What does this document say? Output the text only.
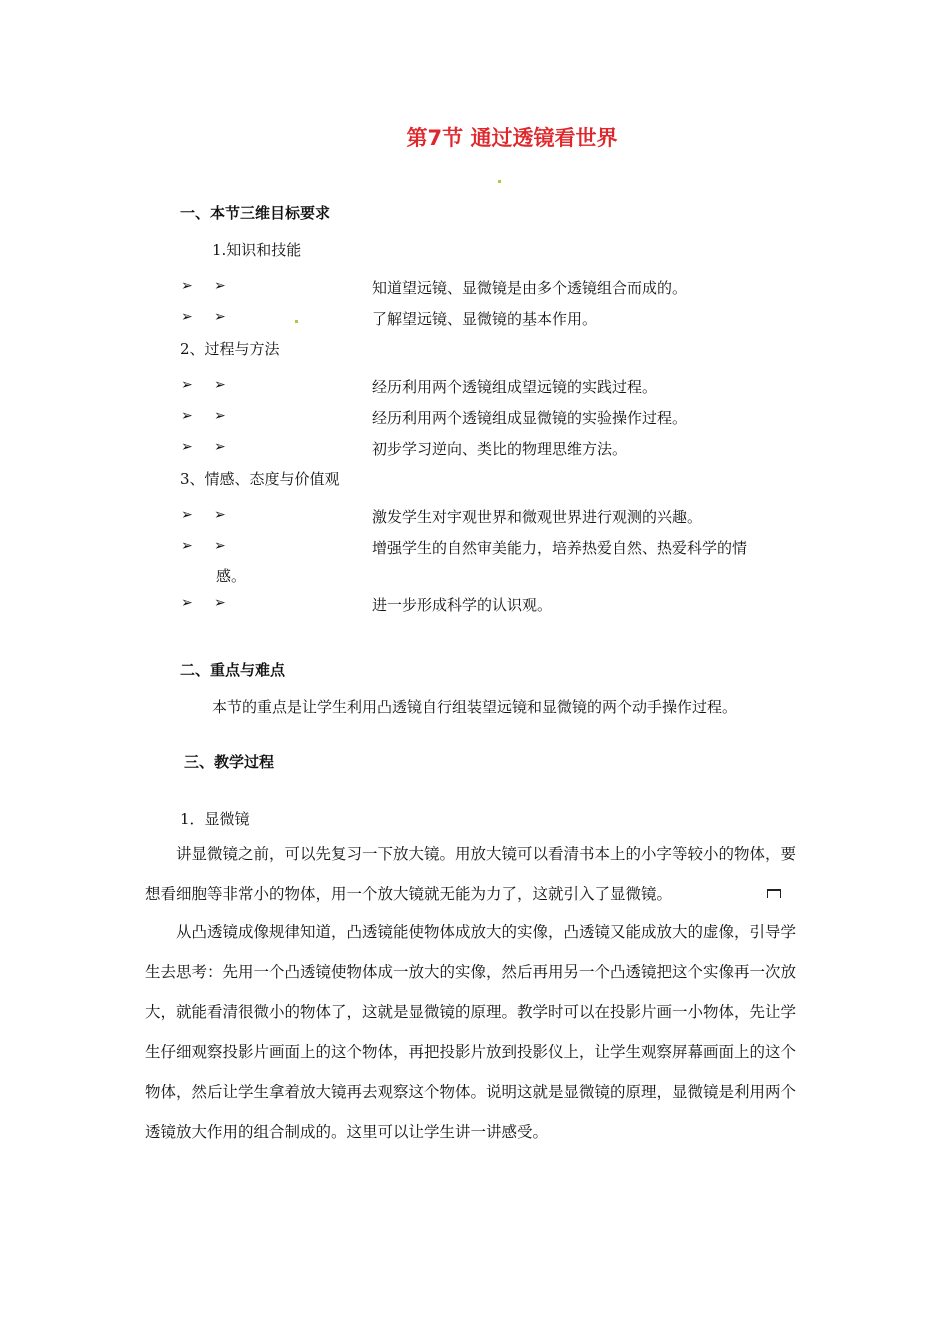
第7节 通过透镜看世界
一、本节三维目标要求
1.知识和技能
➢ ➢	知道望远镜、显微镜是由多个透镜组合而成的。
➢ ➢	了解望远镜、显微镜的基本作用。
2、过程与方法
➢ ➢	经历利用两个透镜组成望远镜的实践过程。
➢ ➢	经历利用两个透镜组成显微镜的实验操作过程。
➢ ➢	初步学习逆向、类比的物理思维方法。
3、情感、态度与价值观
➢ ➢	激发学生对宇观世界和微观世界进行观测的兴趣。
➢ ➢	增强学生的自然审美能力，培养热爱自然、热爱科学的情
感。
➢ ➢	进一步形成科学的认识观。
二、重点与难点
本节的重点是让学生利用凸透镜自行组装望远镜和显微镜的两个动手操作过程。
三、教学过程
1．显微镜

讲显微镜之前，可以先复习一下放大镜。用放大镜可以看清书本上的小字等较小的物体，要想看细胞等非常小的物体，用一个放大镜就无能为力了，这就引入了显微镜。

从凸透镜成像规律知道，凸透镜能使物体成放大的实像，凸透镜又能成放大的虚像，引导学生去思考：先用一个凸透镜使物体成一放大的实像，然后再用另一个凸透镜把这个实像再一次放大，就能看清很微小的物体了，这就是显微镜的原理。教学时可以在投影片画一小物体，先让学生仔细观察投影片画面上的这个物体，再把投影片放到投影仪上，让学生观察屏幕画面上的这个物体，然后让学生拿着放大镜再去观察这个物体。说明这就是显微镜的原理，显微镜是利用两个透镜放大作用的组合制成的。这里可以让学生讲一讲感受。
